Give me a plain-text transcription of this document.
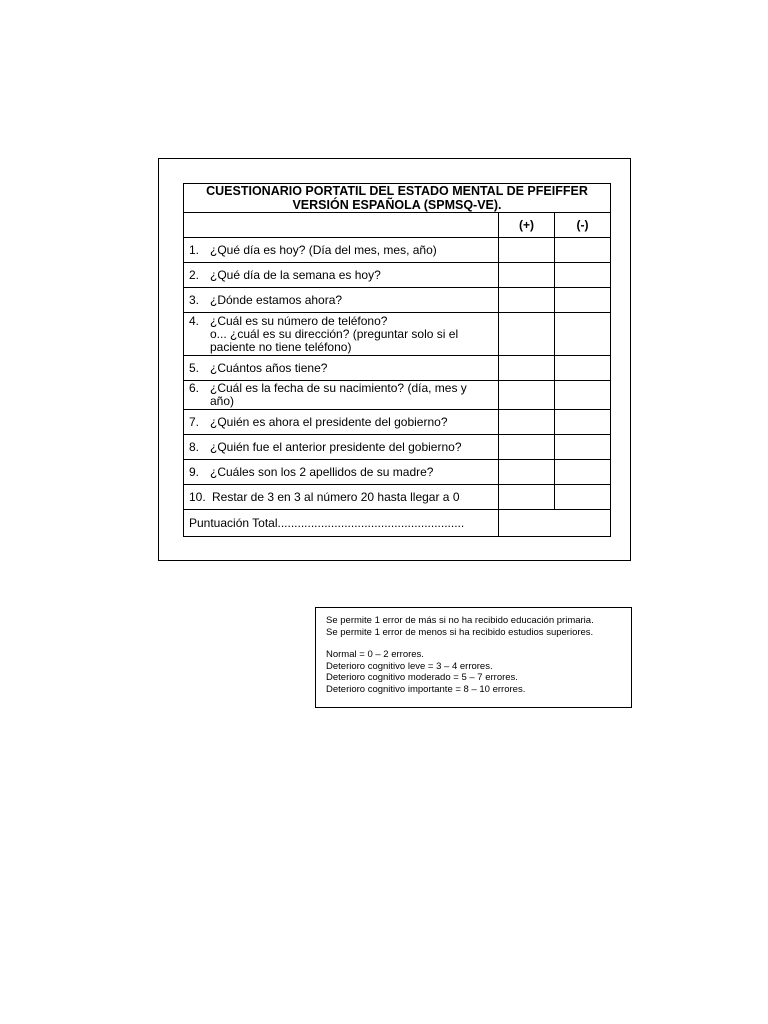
CUESTIONARIO PORTATIL DEL ESTADO MENTAL DE PFEIFFER
VERSIÓN ESPAÑOLA (SPMSQ-VE).		

	(+)	(-)

1. ¿Qué día es hoy? (Día del mes, mes, año)		

2. ¿Qué día de la semana es hoy?		

3. ¿Dónde estamos ahora?		

4. ¿Cuál es su número de teléfono?
o... ¿cuál es su dirección? (preguntar solo si el
paciente no tiene teléfono)		

5. ¿Cuántos años tiene?		

6. ¿Cuál es la fecha de su nacimiento? (día, mes y
año)		

7. ¿Quién es ahora el presidente del gobierno?		

8. ¿Quién fue el anterior presidente del gobierno?		

9. ¿Cuáles son los 2 apellidos de su madre?		

10. Restar de 3 en 3 al número 20 hasta llegar a 0		

Puntuación Total........................................................		
Se permite 1 error de más si no ha recibido educación primaria.
Se permite 1 error de menos si ha recibido estudios superiores.
Normal = 0 – 2 errores.
Deterioro cognitivo leve = 3 – 4 errores.
Deterioro cognitivo moderado = 5 – 7 errores.
Deterioro cognitivo importante = 8 – 10 errores.
